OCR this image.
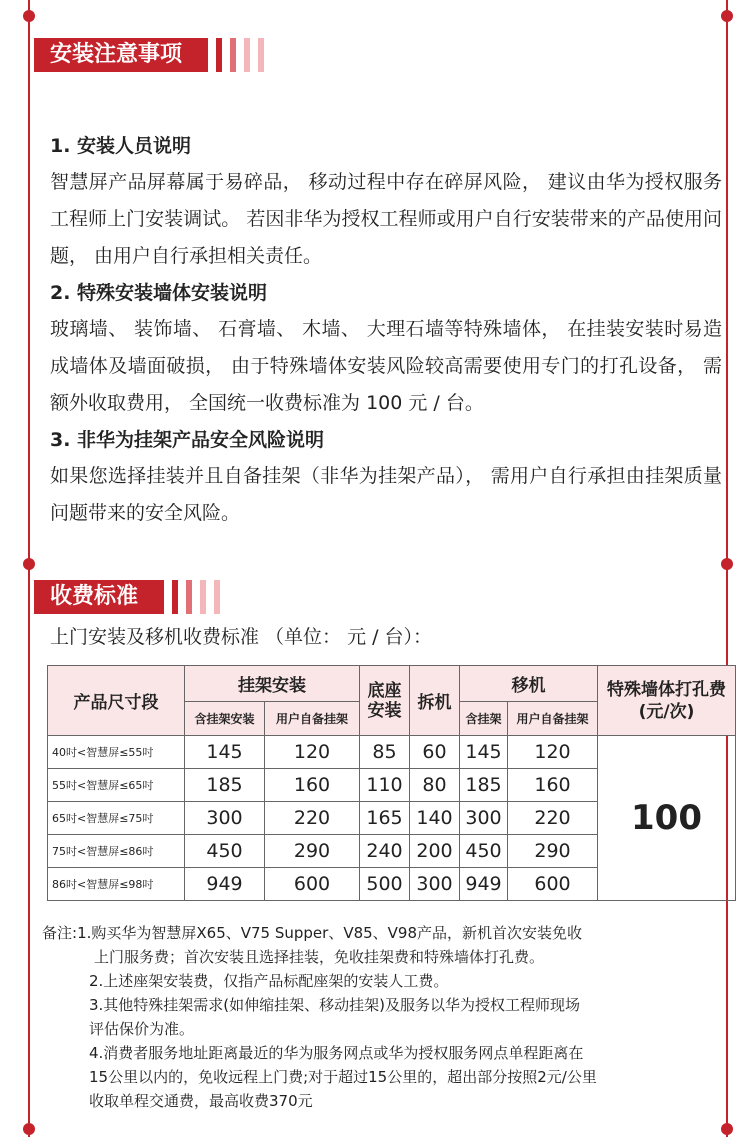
安装注意事项
1. 安装人员说明

智慧屏产品屏幕属于易碎品， 移动过程中存在碎屏风险， 建议由华为授权服务工程师上门安装调试。 若因非华为授权工程师或用户自行安装带来的产品使用问题， 由用户自行承担相关责任。

2. 特殊安装墙体安装说明

玻璃墙、 装饰墙、 石膏墙、 木墙、 大理石墙等特殊墙体， 在挂装安装时易造成墙体及墙面破损， 由于特殊墙体安装风险较高需要使用专门的打孔设备， 需额外收取费用， 全国统一收费标准为 100 元 / 台。

3. 非华为挂架产品安全风险说明

如果您选择挂装并且自备挂架（非华为挂架产品）， 需用户自行承担由挂架质量问题带来的安全风险。

收费标准
上门安装及移机收费标准 （单位： 元 / 台）：
产品尺寸段	挂架安装		底座安装	拆机	移机		特殊墙体打孔费
(元/次)

	含挂架安装	用户自备挂架			含挂架	用户自备挂架	
40吋<智慧屏≤55吋	145	120	85	60	145	120	100
55吋<智慧屏≤65吋	185	160	110	80	185	160	
65吋<智慧屏≤75吋	300	220	165	140	300	220	
75吋<智慧屏≤86吋	450	290	240	200	450	290	
86吋<智慧屏≤98吋	949	600	500	300	949	600	
备注:1.购买华为智慧屏X65、V75 Supper、V85、V98产品，新机首次安装免收
上门服务费；首次安装且选择挂装，免收挂架费和特殊墙体打孔费。
2.上述座架安装费，仅指产品标配座架的安装人工费。
3.其他特殊挂架需求(如伸缩挂架、移动挂架)及服务以华为授权工程师现场
评估保价为准。
4.消费者服务地址距离最近的华为服务网点或华为授权服务网点单程距离在
15公里以内的，免收远程上门费;对于超过15公里的，超出部分按照2元/公里
收取单程交通费，最高收费370元
